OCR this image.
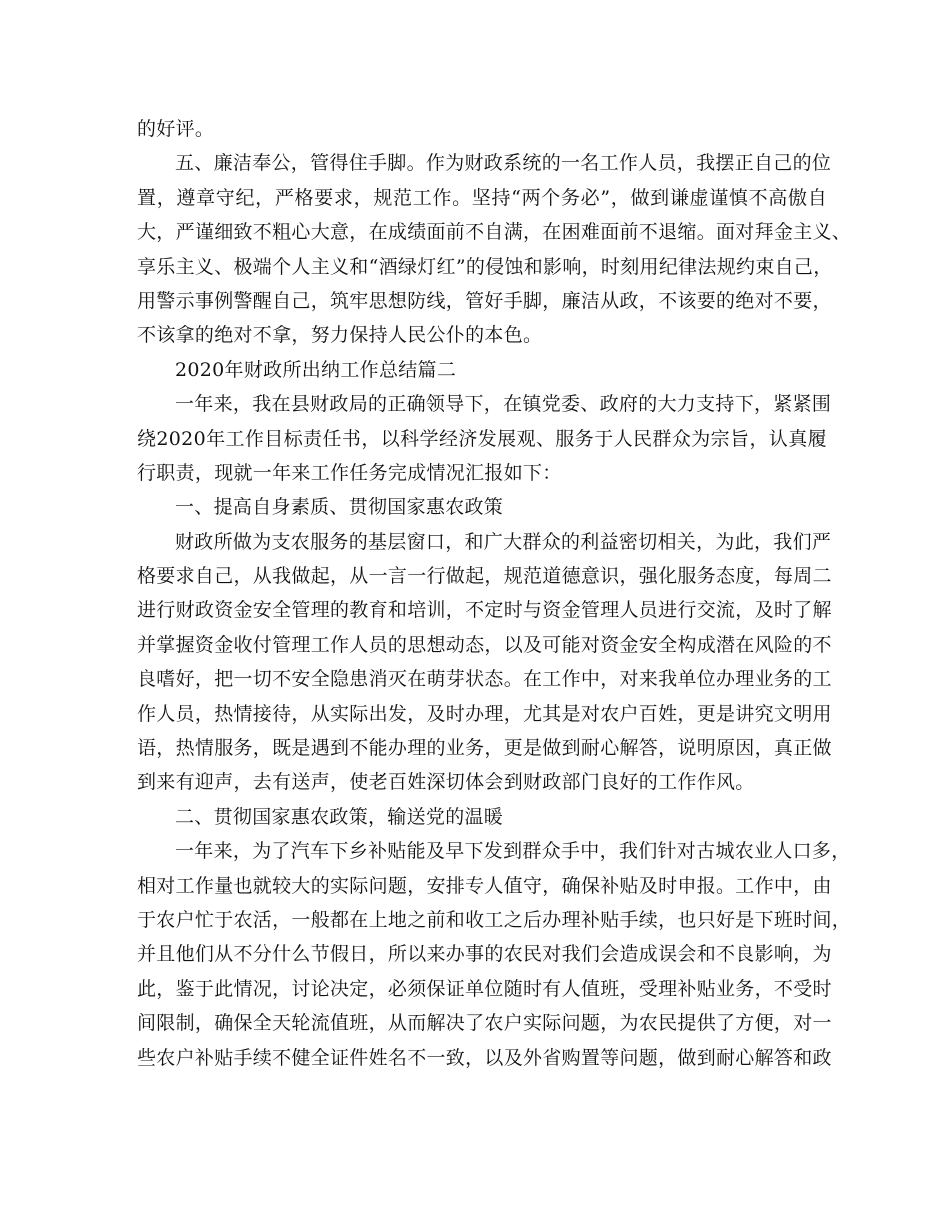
的好评。
五、廉洁奉公，管得住手脚。作为财政系统的一名工作人员，我摆正自己的位
置，遵章守纪，严格要求，规范工作。坚持“两个务必”，做到谦虚谨慎不高傲自
大，严谨细致不粗心大意，在成绩面前不自满，在困难面前不退缩。面对拜金主义、
享乐主义、极端个人主义和“酒绿灯红”的侵蚀和影响，时刻用纪律法规约束自己，
用警示事例警醒自己，筑牢思想防线，管好手脚，廉洁从政，不该要的绝对不要，
不该拿的绝对不拿，努力保持人民公仆的本色。
2020年财政所出纳工作总结篇二
一年来，我在县财政局的正确领导下，在镇党委、政府的大力支持下，紧紧围
绕2020年工作目标责任书，以科学经济发展观、服务于人民群众为宗旨，认真履
行职责，现就一年来工作任务完成情况汇报如下：
一、提高自身素质、贯彻国家惠农政策
财政所做为支农服务的基层窗口，和广大群众的利益密切相关，为此，我们严
格要求自己，从我做起，从一言一行做起，规范道德意识，强化服务态度，每周二
进行财政资金安全管理的教育和培训，不定时与资金管理人员进行交流，及时了解
并掌握资金收付管理工作人员的思想动态，以及可能对资金安全构成潜在风险的不
良嗜好，把一切不安全隐患消灭在萌芽状态。在工作中，对来我单位办理业务的工
作人员，热情接待，从实际出发，及时办理，尤其是对农户百姓，更是讲究文明用
语，热情服务，既是遇到不能办理的业务，更是做到耐心解答，说明原因，真正做
到来有迎声，去有送声，使老百姓深切体会到财政部门良好的工作作风。
二、贯彻国家惠农政策，输送党的温暖
一年来，为了汽车下乡补贴能及早下发到群众手中，我们针对古城农业人口多，
相对工作量也就较大的实际问题，安排专人值守，确保补贴及时申报。工作中，由
于农户忙于农活，一般都在上地之前和收工之后办理补贴手续，也只好是下班时间，
并且他们从不分什么节假日，所以来办事的农民对我们会造成误会和不良影响，为
此，鉴于此情况，讨论决定，必须保证单位随时有人值班，受理补贴业务，不受时
间限制，确保全天轮流值班，从而解决了农户实际问题，为农民提供了方便，对一
些农户补贴手续不健全证件姓名不一致，以及外省购置等问题，做到耐心解答和政
